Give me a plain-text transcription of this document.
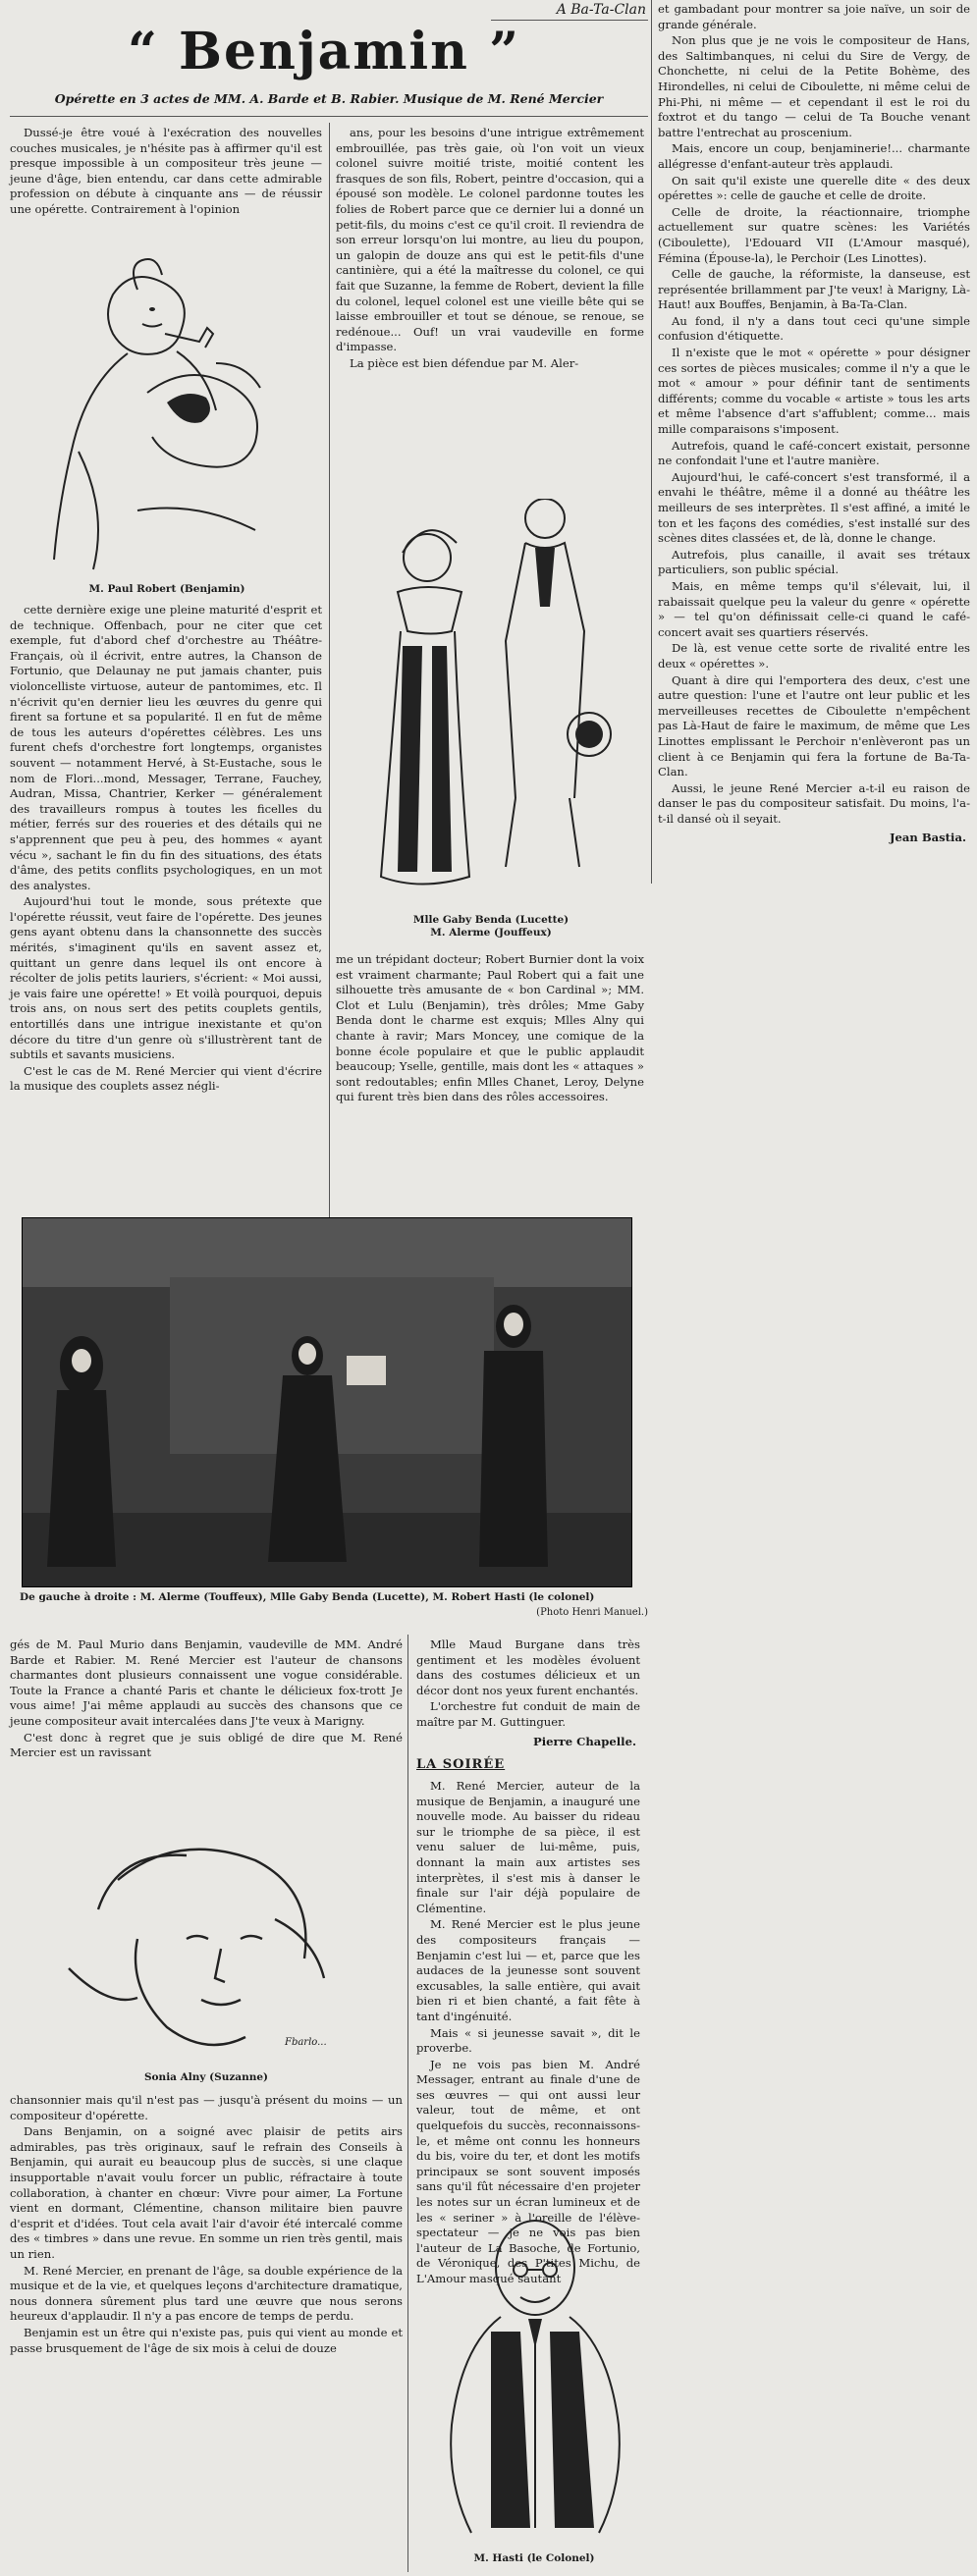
A Ba-Ta-Clan
“ Benjamin ”
Opérette en 3 actes de MM. A. Barde et B. Rabier. Musique de M. René Mercier

Dussé-je être voué à l'exécration des nouvelles couches musicales, je n'hésite pas à affirmer qu'il est presque impossible à un compositeur très jeune — jeune d'âge, bien entendu, car dans cette admirable profession on débute à cinquante ans — de réussir une opérette. Contrairement à l'opinion

M. Paul Robert (Benjamin)

cette dernière exige une pleine maturité d'esprit et de technique. Offenbach, pour ne citer que cet exemple, fut d'abord chef d'orchestre au Théâtre-Français, où il écrivit, entre autres, la Chanson de Fortunio, que Delaunay ne put jamais chanter, puis violoncelliste virtuose, auteur de pantomimes, etc. Il n'écrivit qu'en dernier lieu les œuvres du genre qui firent sa fortune et sa popularité. Il en fut de même de tous les auteurs d'opérettes célèbres. Les uns furent chefs d'orchestre fort longtemps, organistes souvent — notamment Hervé, à St-Eustache, sous le nom de Flori...mond, Messager, Terrane, Fauchey, Audran, Missa, Chantrier, Kerker — généralement des travailleurs rompus à toutes les ficelles du métier, ferrés sur des roueries et des détails qui ne s'apprennent que peu à peu, des hommes « ayant vécu », sachant le fin du fin des situations, des états d'âme, des petits conflits psychologiques, en un mot des analystes.

Aujourd'hui tout le monde, sous prétexte que l'opérette réussit, veut faire de l'opérette. Des jeunes gens ayant obtenu dans la chansonnette des succès mérités, s'imaginent qu'ils en savent assez et, quittant un genre dans lequel ils ont encore à récolter de jolis petits lauriers, s'écrient: « Moi aussi, je vais faire une opérette! » Et voilà pourquoi, depuis trois ans, on nous sert des petits couplets gentils, entortillés dans une intrigue inexistante et qu'on décore du titre d'un genre où s'illustrèrent tant de subtils et savants musiciens.

C'est le cas de M. René Mercier qui vient d'écrire la musique des couplets assez négli-

ans, pour les besoins d'une intrigue extrêmement embrouillée, pas très gaie, où l'on voit un vieux colonel suivre moitié triste, moitié content les frasques de son fils, Robert, peintre d'occasion, qui a épousé son modèle. Le colonel pardonne toutes les folies de Robert parce que ce dernier lui a donné un petit-fils, du moins c'est ce qu'il croit. Il reviendra de son erreur lorsqu'on lui montre, au lieu du poupon, un galopin de douze ans qui est le petit-fils d'une cantinière, qui a été la maîtresse du colonel, ce qui fait que Suzanne, la femme de Robert, devient la fille du colonel, lequel colonel est une vieille bête qui se laisse embrouiller et tout se dénoue, se renoue, se redénoue... Ouf! un vrai vaudeville en forme d'impasse.

La pièce est bien défendue par M. Aler-

Mlle Gaby Benda (Lucette)
M. Alerme (Jouffeux)

me un trépidant docteur; Robert Burnier dont la voix est vraiment charmante; Paul Robert qui a fait une silhouette très amusante de « bon Cardinal »; MM. Clot et Lulu (Benjamin), très drôles; Mme Gaby Benda dont le charme est exquis; Mlles Alny qui chante à ravir; Mars Moncey, une comique de la bonne école populaire et que le public applaudit beaucoup; Yselle, gentille, mais dont les « attaques » sont redoutables; enfin Mlles Chanet, Leroy, Delyne qui furent très bien dans des rôles accessoires.

et gambadant pour montrer sa joie naïve, un soir de grande générale.

Non plus que je ne vois le compositeur de Hans, des Saltimbanques, ni celui du Sire de Vergy, de Chonchette, ni celui de la Petite Bohème, des Hirondelles, ni celui de Ciboulette, ni même celui de Phi-Phi, ni même — et cependant il est le roi du foxtrot et du tango — celui de Ta Bouche venant battre l'entrechat au proscenium.

Mais, encore un coup, benjaminerie!... charmante allégresse d'enfant-auteur très applaudi.

On sait qu'il existe une querelle dite « des deux opérettes »: celle de gauche et celle de droite.

Celle de droite, la réactionnaire, triomphe actuellement sur quatre scènes: les Variétés (Ciboulette), l'Edouard VII (L'Amour masqué), Fémina (Épouse-la), le Perchoir (Les Linottes).

Celle de gauche, la réformiste, la danseuse, est représentée brillamment par J'te veux! à Marigny, Là-Haut! aux Bouffes, Benjamin, à Ba-Ta-Clan.

Au fond, il n'y a dans tout ceci qu'une simple confusion d'étiquette.

Il n'existe que le mot « opérette » pour désigner ces sortes de pièces musicales; comme il n'y a que le mot « amour » pour définir tant de sentiments différents; comme du vocable « artiste » tous les arts et même l'absence d'art s'affublent; comme... mais mille comparaisons s'imposent.

Autrefois, quand le café-concert existait, personne ne confondait l'une et l'autre manière.

Aujourd'hui, le café-concert s'est transformé, il a envahi le théâtre, même il a donné au théâtre les meilleurs de ses interprètes. Il s'est affiné, a imité le ton et les façons des comédies, s'est installé sur des scènes dites classées et, de là, donne le change.

Autrefois, plus canaille, il avait ses trétaux particuliers, son public spécial.

Mais, en même temps qu'il s'élevait, lui, il rabaissait quelque peu la valeur du genre « opérette » — tel qu'on définissait celle-ci quand le café-concert avait ses quartiers réservés.

De là, est venue cette sorte de rivalité entre les deux « opérettes ».

Quant à dire qui l'emportera des deux, c'est une autre question: l'une et l'autre ont leur public et les merveilleuses recettes de Ciboulette n'empêchent pas Là-Haut de faire le maximum, de même que Les Linottes emplissant le Perchoir n'enlèveront pas un client à ce Benjamin qui fera la fortune de Ba-Ta-Clan.

Aussi, le jeune René Mercier a-t-il eu raison de danser le pas du compositeur satisfait. Du moins, l'a-t-il dansé où il seyait.

Jean Bastia.

De gauche à droite : M. Alerme (Touffeux), Mlle Gaby Benda (Lucette), M. Robert Hasti (le colonel)
(Photo Henri Manuel.)

gés de M. Paul Murio dans Benjamin, vaudeville de MM. André Barde et Rabier. M. René Mercier est l'auteur de chansons charmantes dont plusieurs connaissent une vogue considérable. Toute la France a chanté Paris et chante le délicieux fox-trott Je vous aime! J'ai même applaudi au succès des chansons que ce jeune compositeur avait intercalées dans J'te veux à Marigny.

C'est donc à regret que je suis obligé de dire que M. René Mercier est un ravissant

Fbarlo...
Sonia Alny (Suzanne)

chansonnier mais qu'il n'est pas — jusqu'à présent du moins — un compositeur d'opérette.

Dans Benjamin, on a soigné avec plaisir de petits airs admirables, pas très originaux, sauf le refrain des Conseils à Benjamin, qui aurait eu beaucoup plus de succès, si une claque insupportable n'avait voulu forcer un public, réfractaire à toute collaboration, à chanter en chœur: Vivre pour aimer, La Fortune vient en dormant, Clémentine, chanson militaire bien pauvre d'esprit et d'idées. Tout cela avait l'air d'avoir été intercalé comme des « timbres » dans une revue. En somme un rien très gentil, mais un rien.

M. René Mercier, en prenant de l'âge, sa double expérience de la musique et de la vie, et quelques leçons d'architecture dramatique, nous donnera sûrement plus tard une œuvre que nous serons heureux d'applaudir. Il n'y a pas encore de temps de perdu.

Benjamin est un être qui n'existe pas, puis qui vient au monde et passe brusquement de l'âge de six mois à celui de douze

Mlle Maud Burgane dans très gentiment et les modèles évoluent dans des costumes délicieux et un décor dont nos yeux furent enchantés.

L'orchestre fut conduit de main de maître par M. Guttinguer.

Pierre Chapelle.

LA SOIRÉE

M. René Mercier, auteur de la musique de Benjamin, a inauguré une nouvelle mode. Au baisser du rideau sur le triomphe de sa pièce, il est venu saluer de lui-même, puis, donnant la main aux artistes ses interprètes, il s'est mis à danser le finale sur l'air déjà populaire de Clémentine.

M. René Mercier est le plus jeune des compositeurs français — Benjamin c'est lui — et, parce que les audaces de la jeunesse sont souvent excusables, la salle entière, qui avait bien ri et bien chanté, a fait fête à tant d'ingénuité.

Mais « si jeunesse savait », dit le proverbe.

Je ne vois pas bien M. André Messager, entrant au finale d'une de ses œuvres — qui ont aussi leur valeur, tout de même, et ont quelquefois du succès, reconnaissons-le, et même ont connu les honneurs du bis, voire du ter, et dont les motifs principaux se sont souvent imposés sans qu'il fût nécessaire d'en projeter les notes sur un écran lumineux et de les « seriner » à l'oreille de l'élève-spectateur — je ne vois pas bien l'auteur de La Basoche, de Fortunio, de Véronique, des P'tites Michu, de L'Amour masqué sautant

M. Hasti (le Colonel)
